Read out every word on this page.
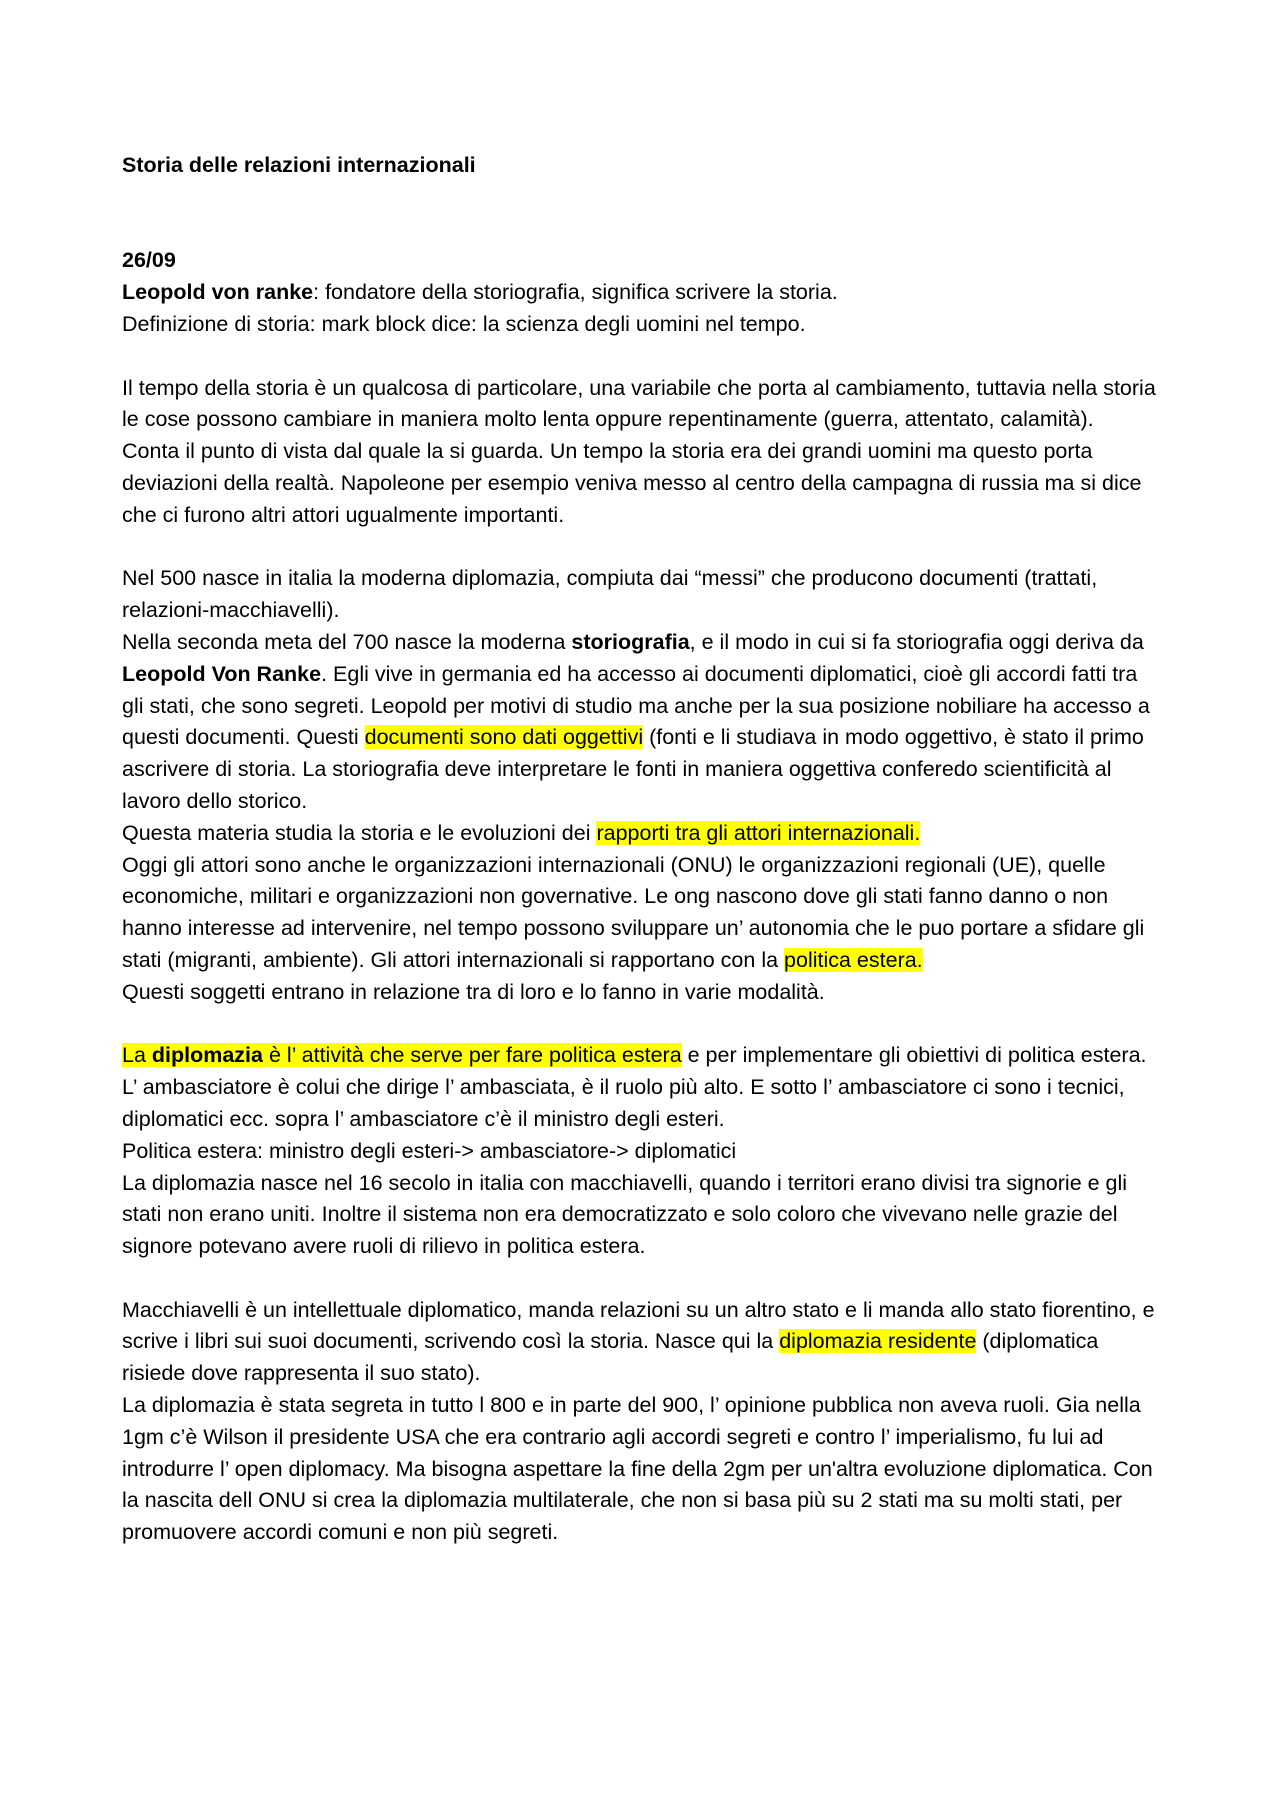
Storia delle relazioni internazionali

26/09

Leopold von ranke: fondatore della storiografia, significa scrivere la storia.

Definizione di storia: mark block dice: la scienza degli uomini nel tempo.

Il tempo della storia è un qualcosa di particolare, una variabile che porta al cambiamento, tuttavia nella storia le cose possono cambiare in maniera molto lenta oppure repentinamente (guerra, attentato, calamità).

Conta il punto di vista dal quale la si guarda. Un tempo la storia era dei grandi uomini ma questo porta deviazioni della realtà. Napoleone per esempio veniva messo al centro della campagna di russia ma si dice che ci furono altri attori ugualmente importanti.

Nel 500 nasce in italia la moderna diplomazia, compiuta dai “messi” che producono documenti (trattati, relazioni-macchiavelli).

Nella seconda meta del 700 nasce la moderna storiografia, e il modo in cui si fa storiografia oggi deriva da Leopold Von Ranke. Egli vive in germania ed ha accesso ai documenti diplomatici, cioè gli accordi fatti tra gli stati, che sono segreti. Leopold per motivi di studio ma anche per la sua posizione nobiliare ha accesso a questi documenti. Questi documenti sono dati oggettivi (fonti e li studiava in modo oggettivo, è stato il primo ascrivere di storia. La storiografia deve interpretare le fonti in maniera oggettiva conferedo scientificità al lavoro dello storico.

Questa materia studia la storia e le evoluzioni dei rapporti tra gli attori internazionali.

Oggi gli attori sono anche le organizzazioni internazionali (ONU) le organizzazioni regionali (UE), quelle economiche, militari e organizzazioni non governative. Le ong nascono dove gli stati fanno danno o non hanno interesse ad intervenire, nel tempo possono sviluppare un’ autonomia che le puo portare a sfidare gli stati (migranti, ambiente). Gli attori internazionali si rapportano con la politica estera.

Questi soggetti entrano in relazione tra di loro e lo fanno in varie modalità.

La diplomazia è l’ attività che serve per fare politica estera e per implementare gli obiettivi di politica estera. L’ ambasciatore è colui che dirige l’ ambasciata, è il ruolo più alto. E sotto l’ ambasciatore ci sono i tecnici, diplomatici ecc. sopra l’ ambasciatore c’è il ministro degli esteri.

Politica estera: ministro degli esteri-> ambasciatore-> diplomatici

La diplomazia nasce nel 16 secolo in italia con macchiavelli, quando i territori erano divisi tra signorie e gli stati non erano uniti. Inoltre il sistema non era democratizzato e solo coloro che vivevano nelle grazie del signore potevano avere ruoli di rilievo in politica estera.

Macchiavelli è un intellettuale diplomatico, manda relazioni su un altro stato e li manda allo stato fiorentino, e scrive i libri sui suoi documenti, scrivendo così la storia. Nasce qui la diplomazia residente (diplomatica risiede dove rappresenta il suo stato).

La diplomazia è stata segreta in tutto l 800 e in parte del 900, l’ opinione pubblica non aveva ruoli. Gia nella 1gm c’è Wilson il presidente USA che era contrario agli accordi segreti e contro l’ imperialismo, fu lui ad introdurre l’ open diplomacy. Ma bisogna aspettare la fine della 2gm per un'altra evoluzione diplomatica. Con la nascita dell ONU si crea la diplomazia multilaterale, che non si basa più su 2 stati ma su molti stati, per promuovere accordi comuni e non più segreti.
